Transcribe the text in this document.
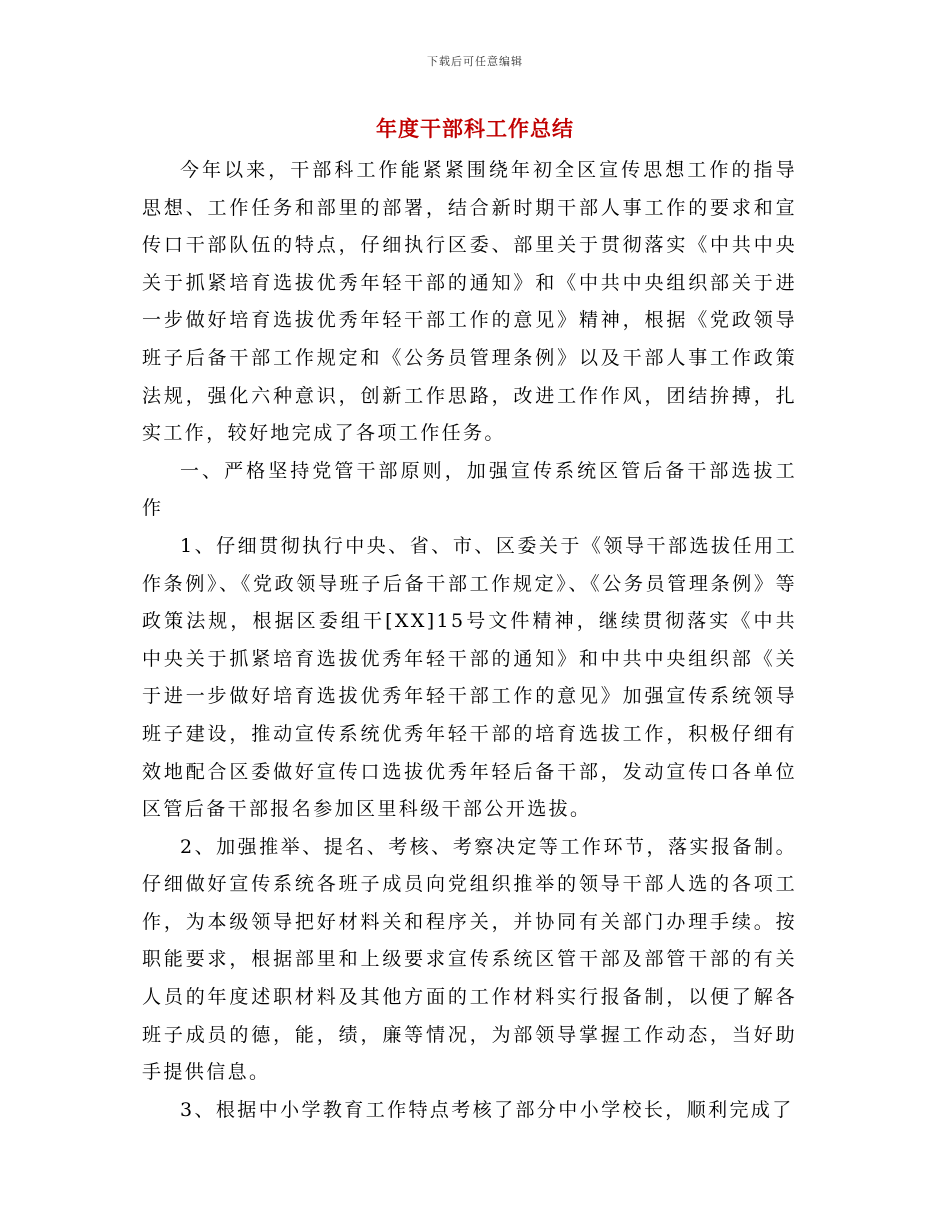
下载后可任意编辑
年度干部科工作总结

今年以来，干部科工作能紧紧围绕年初全区宣传思想工作的指导思想、工作任务和部里的部署，结合新时期干部人事工作的要求和宣传口干部队伍的特点，仔细执行区委、部里关于贯彻落实《中共中央关于抓紧培育选拔优秀年轻干部的通知》和《中共中央组织部关于进一步做好培育选拔优秀年轻干部工作的意见》精神，根据《党政领导班子后备干部工作规定和《公务员管理条例》以及干部人事工作政策法规，强化六种意识，创新工作思路，改进工作作风，团结拚搏，扎实工作，较好地完成了各项工作任务。

一、严格坚持党管干部原则，加强宣传系统区管后备干部选拔工作

1、仔细贯彻执行中央、省、市、区委关于《领导干部选拔任用工作条例》、《党政领导班子后备干部工作规定》、《公务员管理条例》等政策法规，根据区委组干[XX]15号文件精神，继续贯彻落实《中共中央关于抓紧培育选拔优秀年轻干部的通知》和中共中央组织部《关于进一步做好培育选拔优秀年轻干部工作的意见》加强宣传系统领导班子建设，推动宣传系统优秀年轻干部的培育选拔工作，积极仔细有效地配合区委做好宣传口选拔优秀年轻后备干部，发动宣传口各单位区管后备干部报名参加区里科级干部公开选拔。

2、加强推举、提名、考核、考察决定等工作环节，落实报备制。仔细做好宣传系统各班子成员向党组织推举的领导干部人选的各项工作，为本级领导把好材料关和程序关，并协同有关部门办理手续。按职能要求，根据部里和上级要求宣传系统区管干部及部管干部的有关人员的年度述职材料及其他方面的工作材料实行报备制，以便了解各班子成员的德，能，绩，廉等情况，为部领导掌握工作动态，当好助手提供信息。

3、根据中小学教育工作特点考核了部分中小学校长，顺利完成了
